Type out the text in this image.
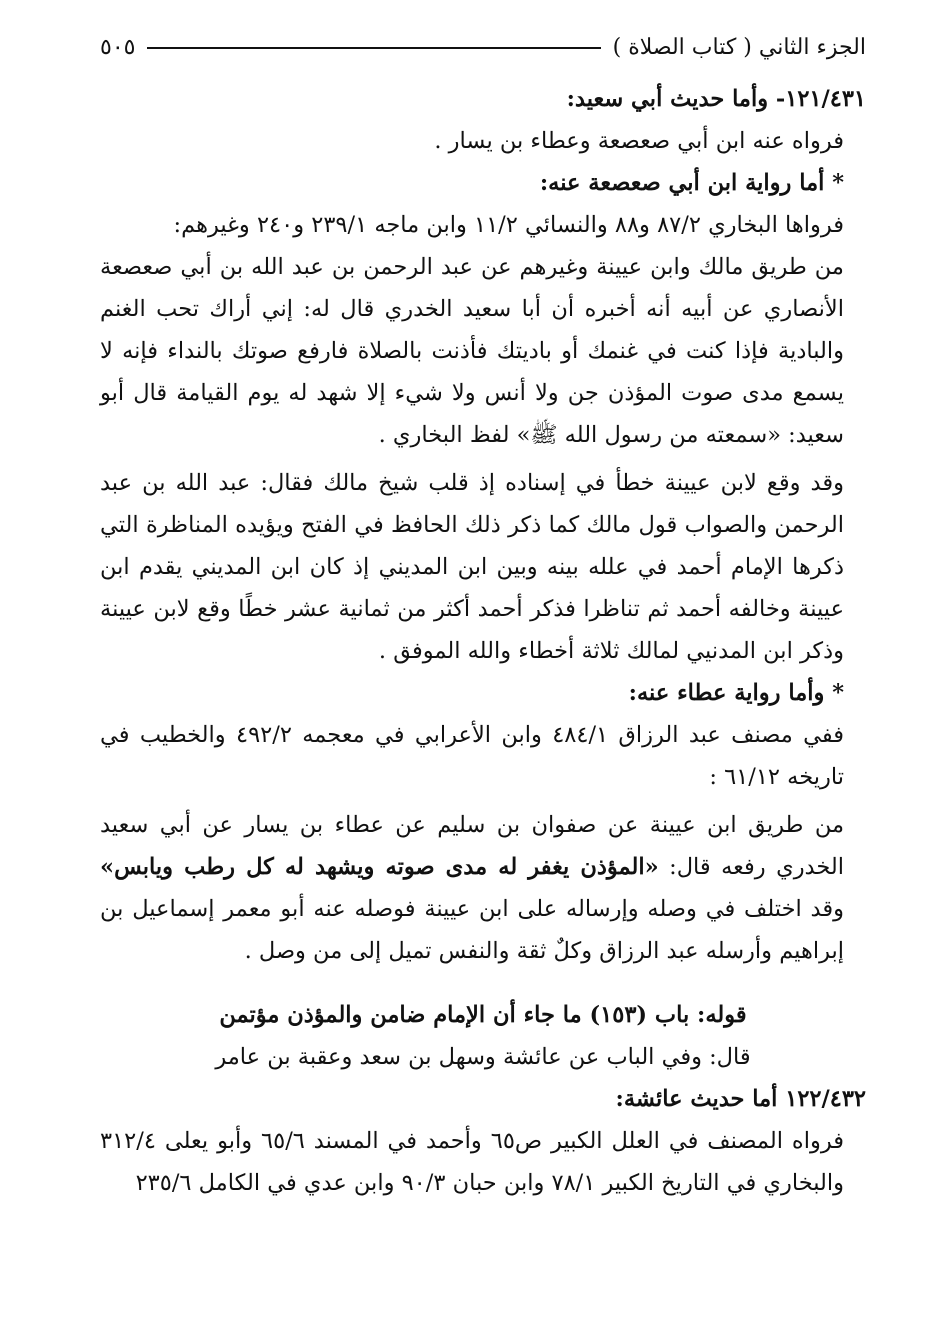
الجزء الثاني ( كتاب الصلاة )
٥٠٥

١٢١/٤٣١- وأما حديث أبي سعيد:

فرواه عنه ابن أبي صعصعة وعطاء بن يسار .

* أما رواية ابن أبي صعصعة عنه:

فرواها البخاري ٨٧/٢ و٨٨ والنسائي ١١/٢ وابن ماجه ٢٣٩/١ و٢٤٠ وغيرهم:

من طريق مالك وابن عيينة وغيرهم عن عبد الرحمن بن عبد الله بن أبي صعصعة الأنصاري عن أبيه أنه أخبره أن أبا سعيد الخدري قال له: إني أراك تحب الغنم والبادية فإذا كنت في غنمك أو باديتك فأذنت بالصلاة فارفع صوتك بالنداء فإنه لا يسمع مدى صوت المؤذن جن ولا أنس ولا شيء إلا شهد له يوم القيامة قال أبو سعيد: «سمعته من رسول الله ﷺ» لفظ البخاري .

وقد وقع لابن عيينة خطأ في إسناده إذ قلب شيخ مالك فقال: عبد الله بن عبد الرحمن والصواب قول مالك كما ذكر ذلك الحافظ في الفتح ويؤيده المناظرة التي ذكرها الإمام أحمد في علله بينه وبين ابن المديني إذ كان ابن المديني يقدم ابن عيينة وخالفه أحمد ثم تناظرا فذكر أحمد أكثر من ثمانية عشر خطًا وقع لابن عيينة وذكر ابن المدنيي لمالك ثلاثة أخطاء والله الموفق .

* وأما رواية عطاء عنه:

ففي مصنف عبد الرزاق ٤٨٤/١ وابن الأعرابي في معجمه ٤٩٢/٢ والخطيب في تاريخه ٦١/١٢ :

من طريق ابن عيينة عن صفوان بن سليم عن عطاء بن يسار عن أبي سعيد الخدري رفعه قال: «المؤذن يغفر له مدى صوته ويشهد له كل رطب ويابس» وقد اختلف في وصله وإرساله على ابن عيينة فوصله عنه أبو معمر إسماعيل بن إبراهيم وأرسله عبد الرزاق وكلٌ ثقة والنفس تميل إلى من وصل .

قوله: باب (١٥٣) ما جاء أن الإمام ضامن والمؤذن مؤتمن

قال: وفي الباب عن عائشة وسهل بن سعد وعقبة بن عامر

١٢٢/٤٣٢ أما حديث عائشة:

فرواه المصنف في العلل الكبير ص٦٥ وأحمد في المسند ٦٥/٦ وأبو يعلى ٣١٢/٤ والبخاري في التاريخ الكبير ٧٨/١ وابن حبان ٩٠/٣ وابن عدي في الكامل ٢٣٥/٦
